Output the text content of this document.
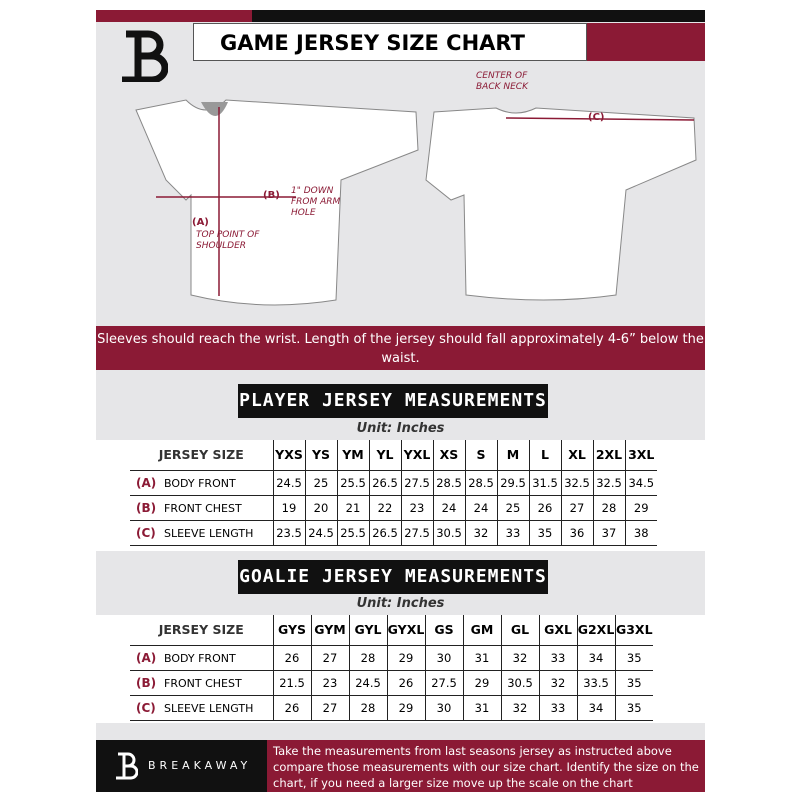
GAME JERSEY SIZE CHART
CENTER OF BACK NECK
(C)
(B) 1" DOWN FROM ARM HOLE
(A)
TOP POINT OF SHOULDER
Sleeves should reach the wrist. Length of the jersey should fall approximately 4-6” below the waist.
PLAYER JERSEY MEASUREMENTS
Unit: Inches
JERSEY SIZE	YXS	YS	YM	YL	YXL	XS	S	M	L	XL	2XL	3XL
(A) BODY FRONT	24.5	25	25.5	26.5	27.5	28.5	28.5	29.5	31.5	32.5	32.5	34.5
(B) FRONT CHEST	19	20	21	22	23	24	24	25	26	27	28	29
(C) SLEEVE LENGTH	23.5	24.5	25.5	26.5	27.5	30.5	32	33	35	36	37	38
GOALIE JERSEY MEASUREMENTS
Unit: Inches
JERSEY SIZE	GYS	GYM	GYL	GYXL	GS	GM	GL	GXL	G2XL	G3XL
(A) BODY FRONT	26	27	28	29	30	31	32	33	34	35
(B) FRONT CHEST	21.5	23	24.5	26	27.5	29	30.5	32	33.5	35
(C) SLEEVE LENGTH	26	27	28	29	30	31	32	33	34	35
BREAKAWAY
Take the measurements from last seasons jersey as instructed above compare those measurements with our size chart. Identify the size on the chart, if you need a larger size move up the scale on the chart
